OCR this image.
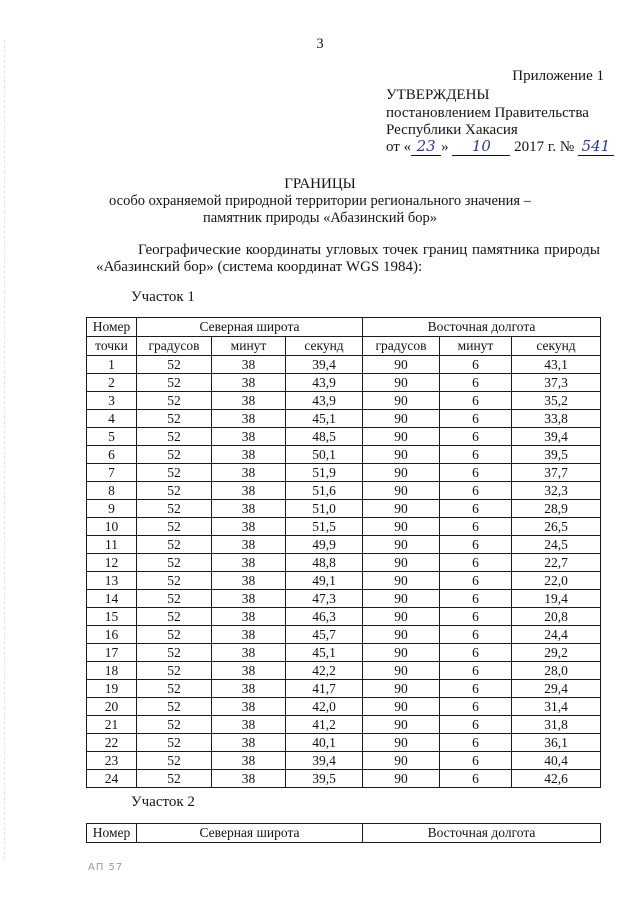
3
Приложение 1
УТВЕРЖДЕНЫ
постановлением Правительства
Республики Хакасия
от « 23 » 10 2017 г. № 541
ГРАНИЦЫ
особо охраняемой природной территории регионального значения –
памятник природы «Абазинский бор»
Географические координаты угловых точек границ памятника природы
«Абазинский бор» (система координат WGS 1984):
Участок 1
Номер	Северная широта			Восточная долгота		
точки	градусов	минут	секунд	градусов	минут	секунд
1	52	38	39,4	90	6	43,1
2	52	38	43,9	90	6	37,3
3	52	38	43,9	90	6	35,2
4	52	38	45,1	90	6	33,8
5	52	38	48,5	90	6	39,4
6	52	38	50,1	90	6	39,5
7	52	38	51,9	90	6	37,7
8	52	38	51,6	90	6	32,3
9	52	38	51,0	90	6	28,9
10	52	38	51,5	90	6	26,5
11	52	38	49,9	90	6	24,5
12	52	38	48,8	90	6	22,7
13	52	38	49,1	90	6	22,0
14	52	38	47,3	90	6	19,4
15	52	38	46,3	90	6	20,8
16	52	38	45,7	90	6	24,4
17	52	38	45,1	90	6	29,2
18	52	38	42,2	90	6	28,0
19	52	38	41,7	90	6	29,4
20	52	38	42,0	90	6	31,4
21	52	38	41,2	90	6	31,8
22	52	38	40,1	90	6	36,1
23	52	38	39,4	90	6	40,4
24	52	38	39,5	90	6	42,6
Участок 2
Номер	Северная широта	Восточная долгота
АП 57
